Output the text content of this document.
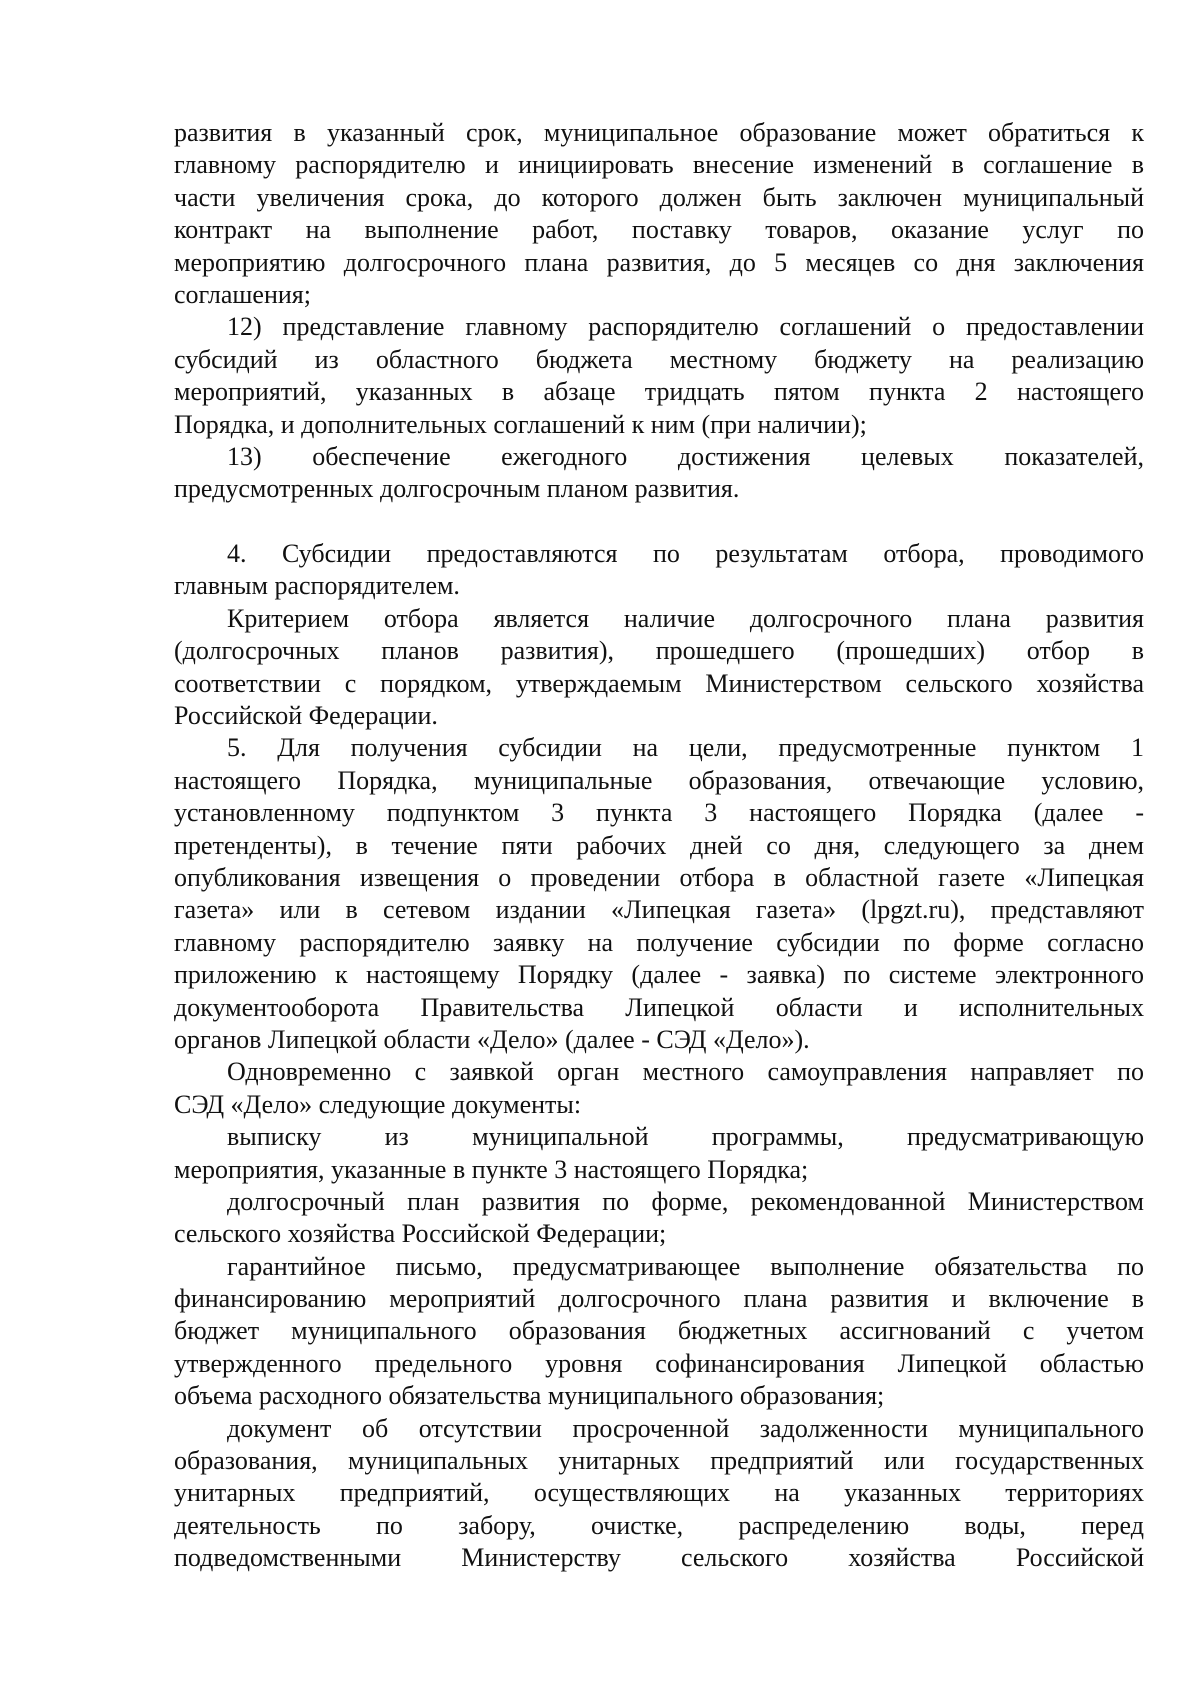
развития в указанный срок, муниципальное образование может обратиться к
главному распорядителю и инициировать внесение изменений в соглашение в
части увеличения срока, до которого должен быть заключен муниципальный
контракт на выполнение работ, поставку товаров, оказание услуг по
мероприятию долгосрочного плана развития, до 5 месяцев со дня заключения
соглашения;
12) представление главному распорядителю соглашений о предоставлении
субсидий из областного бюджета местному бюджету на реализацию
мероприятий, указанных в абзаце тридцать пятом пункта 2 настоящего
Порядка, и дополнительных соглашений к ним (при наличии);
13) обеспечение ежегодного достижения целевых показателей,
предусмотренных долгосрочным планом развития.
4. Субсидии предоставляются по результатам отбора, проводимого
главным распорядителем.
Критерием отбора является наличие долгосрочного плана развития
(долгосрочных планов развития), прошедшего (прошедших) отбор в
соответствии с порядком, утверждаемым Министерством сельского хозяйства
Российской Федерации.
5. Для получения субсидии на цели, предусмотренные пунктом 1
настоящего Порядка, муниципальные образования, отвечающие условию,
установленному подпунктом 3 пункта 3 настоящего Порядка (далее -
претенденты), в течение пяти рабочих дней со дня, следующего за днем
опубликования извещения о проведении отбора в областной газете «Липецкая
газета» или в сетевом издании «Липецкая газета» (lpgzt.ru), представляют
главному распорядителю заявку на получение субсидии по форме согласно
приложению к настоящему Порядку (далее - заявка) по системе электронного
документооборота Правительства Липецкой области и исполнительных
органов Липецкой области «Дело» (далее - СЭД «Дело»).
Одновременно с заявкой орган местного самоуправления направляет по
СЭД «Дело» следующие документы:
выписку из муниципальной программы, предусматривающую
мероприятия, указанные в пункте 3 настоящего Порядка;
долгосрочный план развития по форме, рекомендованной Министерством
сельского хозяйства Российской Федерации;
гарантийное письмо, предусматривающее выполнение обязательства по
финансированию мероприятий долгосрочного плана развития и включение в
бюджет муниципального образования бюджетных ассигнований с учетом
утвержденного предельного уровня софинансирования Липецкой областью
объема расходного обязательства муниципального образования;
документ об отсутствии просроченной задолженности муниципального
образования, муниципальных унитарных предприятий или государственных
унитарных предприятий, осуществляющих на указанных территориях
деятельность по забору, очистке, распределению воды, перед
подведомственными Министерству сельского хозяйства Российской
